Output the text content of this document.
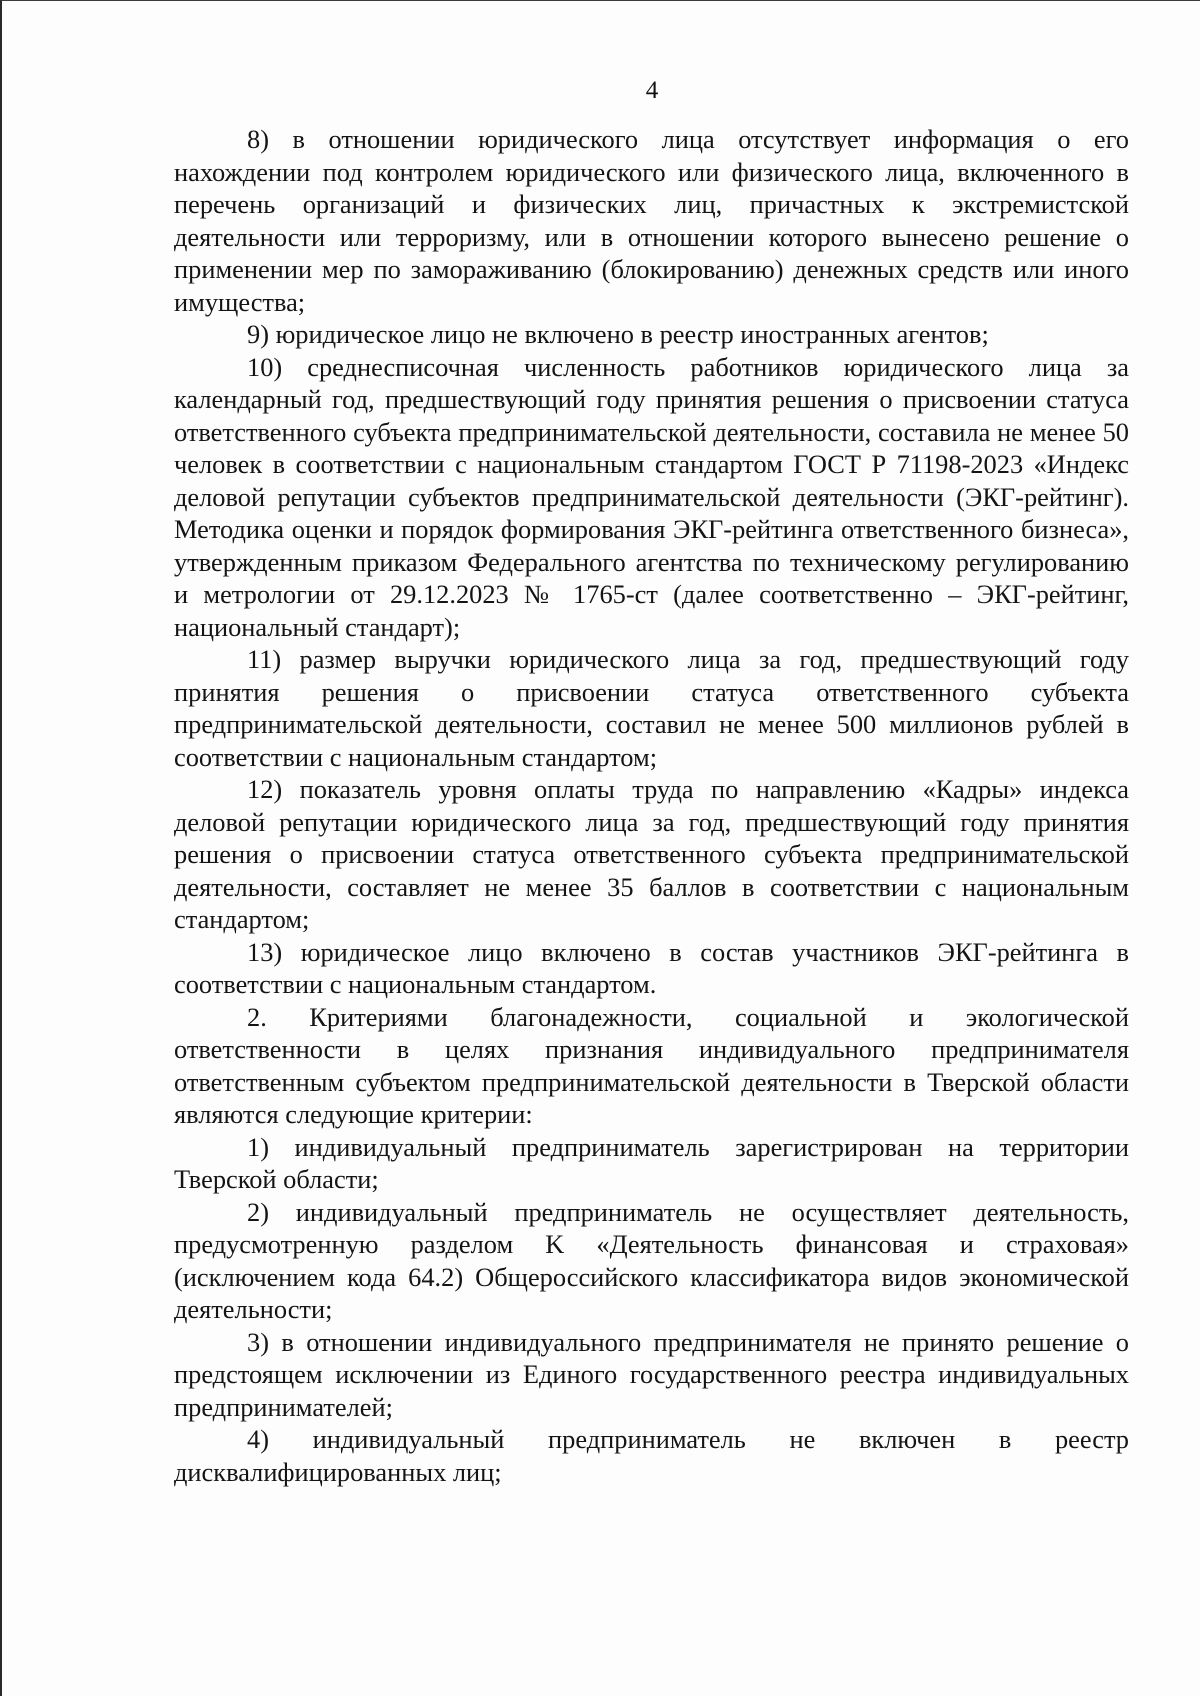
4

8) в отношении юридического лица отсутствует информация о его нахождении под контролем юридического или физического лица, включенного в перечень организаций и физических лиц, причастных к экстремистской деятельности или терроризму, или в отношении которого вынесено решение о применении мер по замораживанию (блокированию) денежных средств или иного имущества;

9) юридическое лицо не включено в реестр иностранных агентов;

10) среднесписочная численность работников юридического лица за календарный год, предшествующий году принятия решения о присвоении статуса ответственного субъекта предпринимательской деятельности, составила не менее 50 человек в соответствии с национальным стандартом ГОСТ Р 71198-2023 «Индекс деловой репутации субъектов предпринимательской деятельности (ЭКГ-рейтинг). Методика оценки и порядок формирования ЭКГ-рейтинга ответственного бизнеса», утвержденным приказом Федерального агентства по техническому регулированию и метрологии от 29.12.2023 № 1765-ст (далее соответственно – ЭКГ-рейтинг, национальный стандарт);

11) размер выручки юридического лица за год, предшествующий году принятия решения о присвоении статуса ответственного субъекта предпринимательской деятельности, составил не менее 500 миллионов рублей в соответствии с национальным стандартом;

12) показатель уровня оплаты труда по направлению «Кадры» индекса деловой репутации юридического лица за год, предшествующий году принятия решения о присвоении статуса ответственного субъекта предпринимательской деятельности, составляет не менее 35 баллов в соответствии с национальным стандартом;

13) юридическое лицо включено в состав участников ЭКГ-рейтинга в соответствии с национальным стандартом.

2. Критериями благонадежности, социальной и экологической ответственности в целях признания индивидуального предпринимателя ответственным субъектом предпринимательской деятельности в Тверской области являются следующие критерии:

1) индивидуальный предприниматель зарегистрирован на территории Тверской области;

2) индивидуальный предприниматель не осуществляет деятельность, предусмотренную разделом K «Деятельность финансовая и страховая» (исключением кода 64.2) Общероссийского классификатора видов экономической деятельности;

3) в отношении индивидуального предпринимателя не принято решение о предстоящем исключении из Единого государственного реестра индивидуальных предпринимателей;

4) индивидуальный предприниматель не включен в реестр дисквалифицированных лиц;
